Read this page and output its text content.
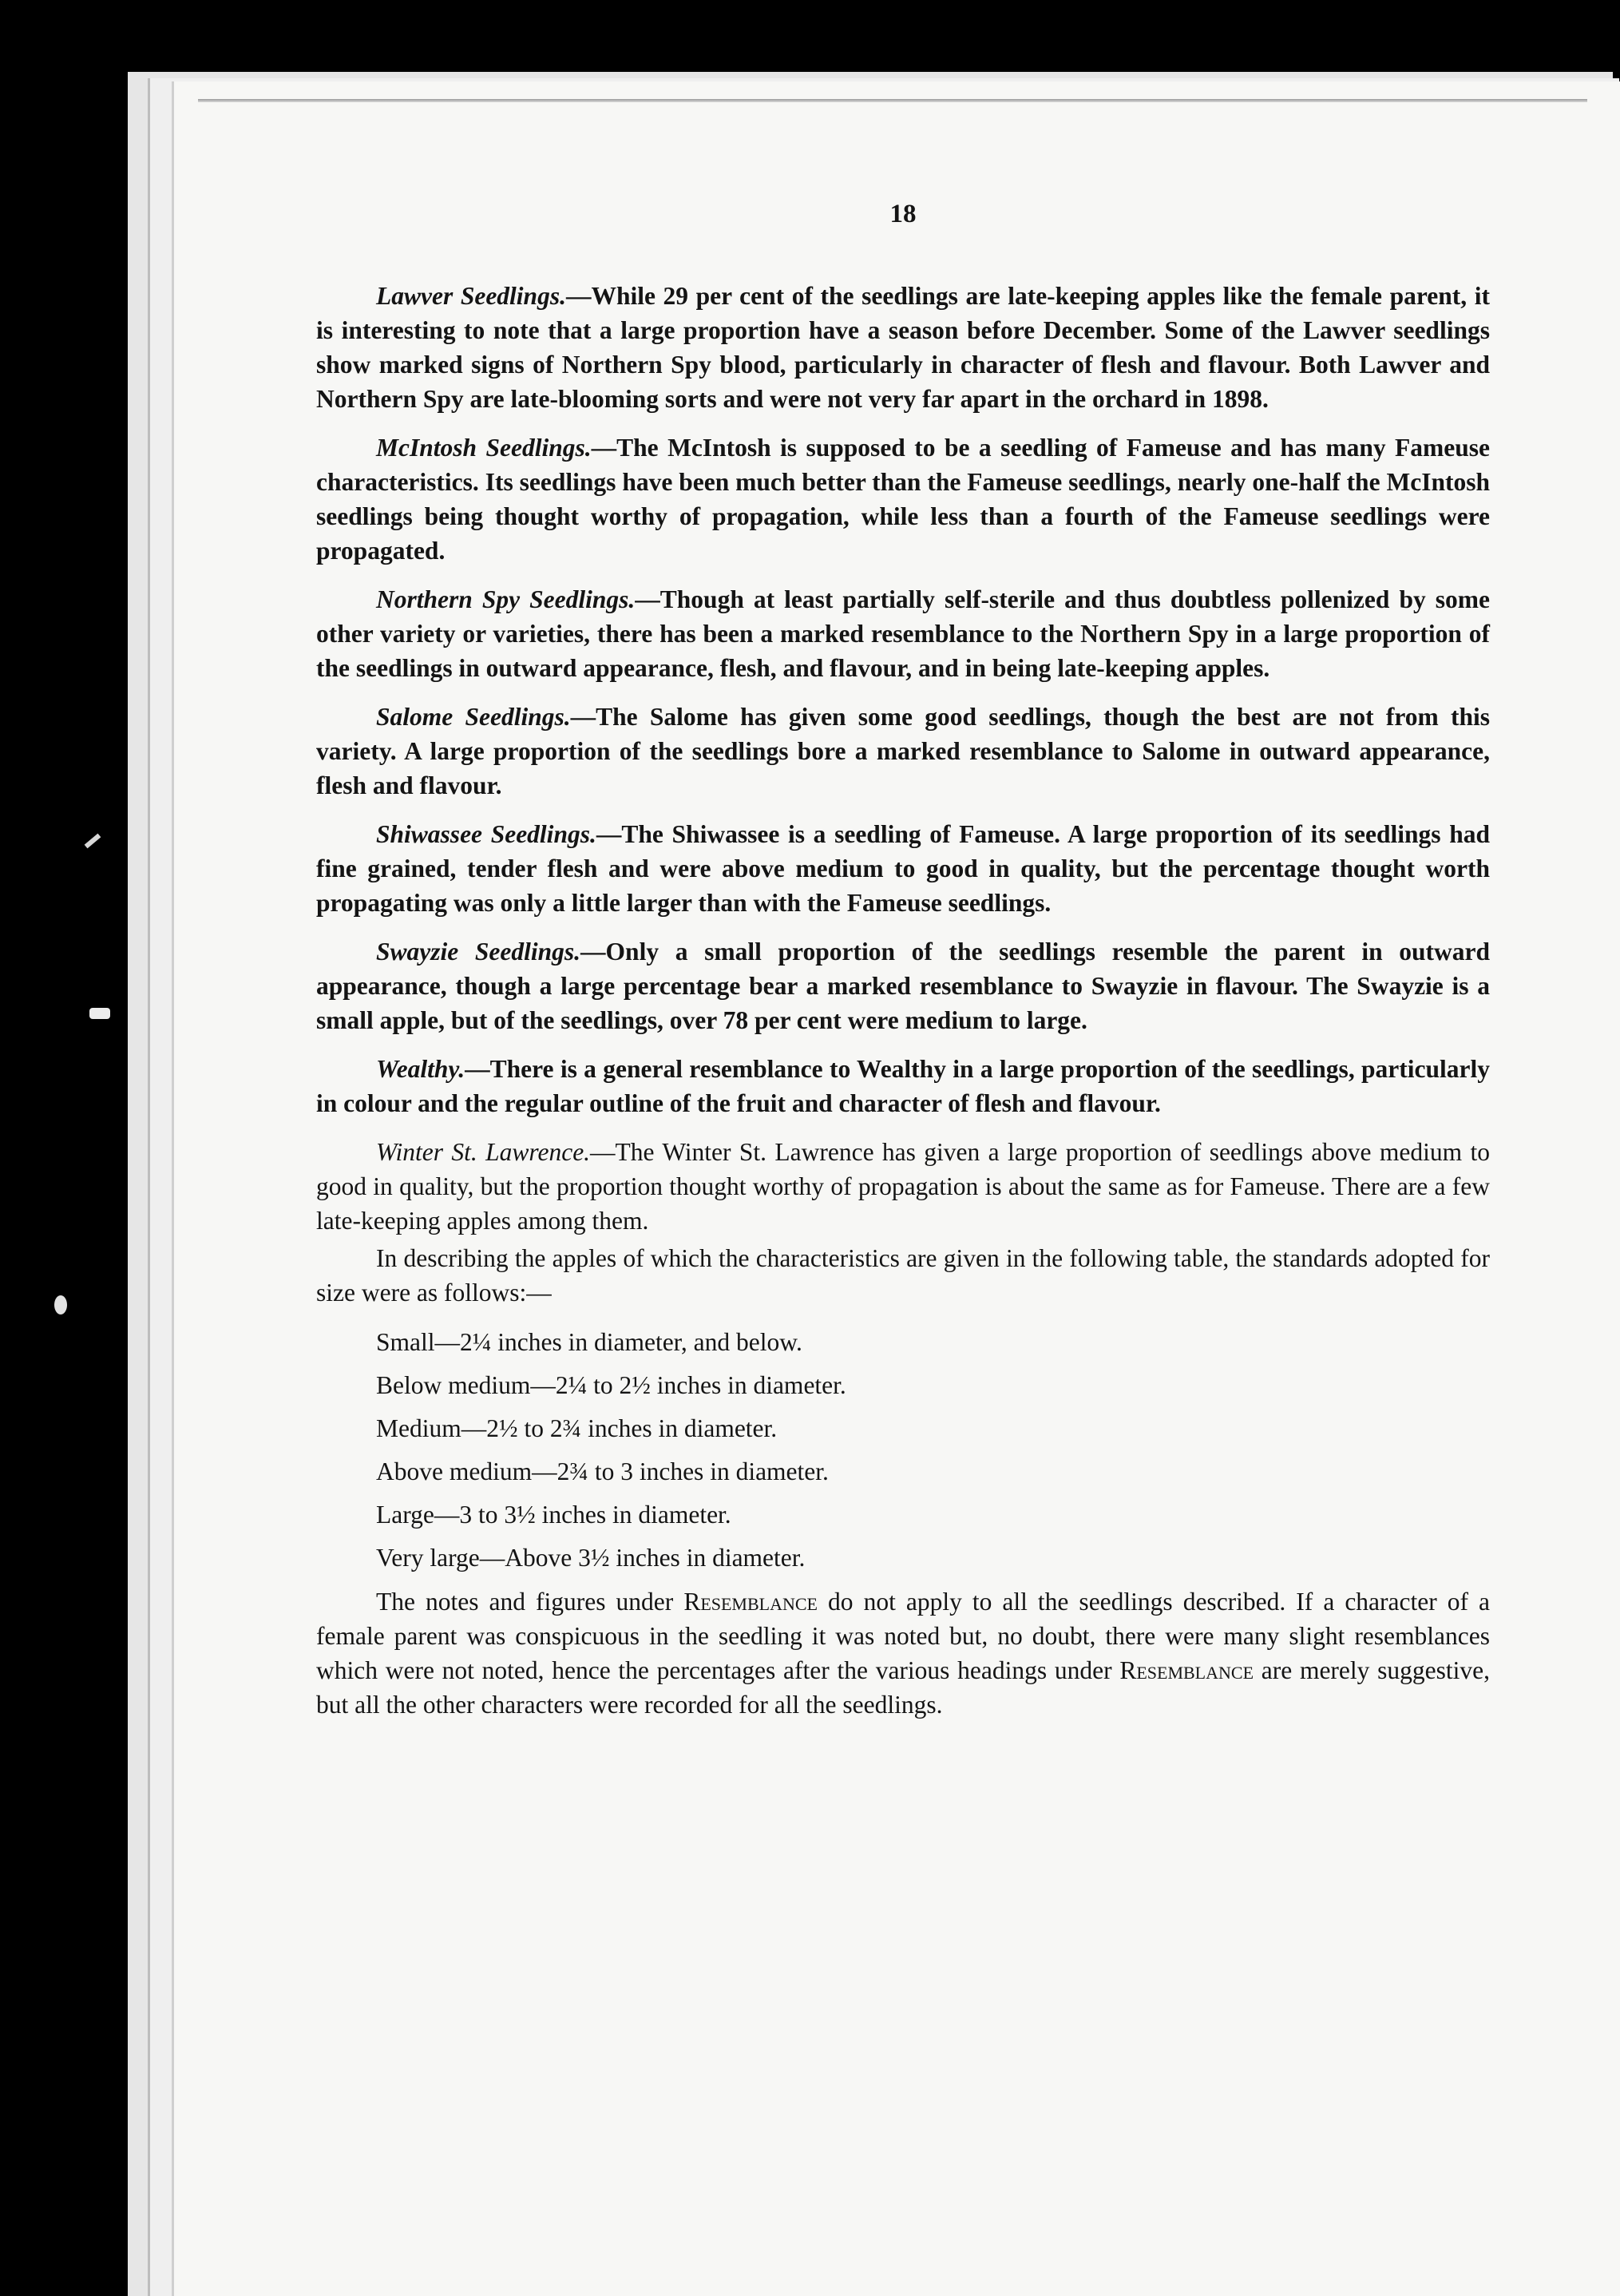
18

Lawver Seedlings.—While 29 per cent of the seedlings are late-keeping apples like the female parent, it is interesting to note that a large proportion have a season before December. Some of the Lawver seedlings show marked signs of Northern Spy blood, particularly in character of flesh and flavour. Both Lawver and Northern Spy are late-blooming sorts and were not very far apart in the orchard in 1898.

McIntosh Seedlings.—The McIntosh is supposed to be a seedling of Fameuse and has many Fameuse characteristics. Its seedlings have been much better than the Fameuse seedlings, nearly one-half the McIntosh seedlings being thought worthy of propagation, while less than a fourth of the Fameuse seedlings were propagated.

Northern Spy Seedlings.—Though at least partially self-sterile and thus doubtless pollenized by some other variety or varieties, there has been a marked resemblance to the Northern Spy in a large proportion of the seedlings in outward appearance, flesh, and flavour, and in being late-keeping apples.

Salome Seedlings.—The Salome has given some good seedlings, though the best are not from this variety. A large proportion of the seedlings bore a marked resemblance to Salome in outward appearance, flesh and flavour.

Shiwassee Seedlings.—The Shiwassee is a seedling of Fameuse. A large proportion of its seedlings had fine grained, tender flesh and were above medium to good in quality, but the percentage thought worth propagating was only a little larger than with the Fameuse seedlings.

Swayzie Seedlings.—Only a small proportion of the seedlings resemble the parent in outward appearance, though a large percentage bear a marked resemblance to Swayzie in flavour. The Swayzie is a small apple, but of the seedlings, over 78 per cent were medium to large.

Wealthy.—There is a general resemblance to Wealthy in a large proportion of the seedlings, particularly in colour and the regular outline of the fruit and character of flesh and flavour.

Winter St. Lawrence.—The Winter St. Lawrence has given a large proportion of seedlings above medium to good in quality, but the proportion thought worthy of propagation is about the same as for Fameuse. There are a few late-keeping apples among them.

In describing the apples of which the characteristics are given in the following table, the standards adopted for size were as follows:—

Small—2¼ inches in diameter, and below.
Below medium—2¼ to 2½ inches in diameter.
Medium—2½ to 2¾ inches in diameter.
Above medium—2¾ to 3 inches in diameter.
Large—3 to 3½ inches in diameter.
Very large—Above 3½ inches in diameter.

The notes and figures under Resemblance do not apply to all the seedlings described. If a character of a female parent was conspicuous in the seedling it was noted but, no doubt, there were many slight resemblances which were not noted, hence the percentages after the various headings under Resemblance are merely suggestive, but all the other characters were recorded for all the seedlings.
